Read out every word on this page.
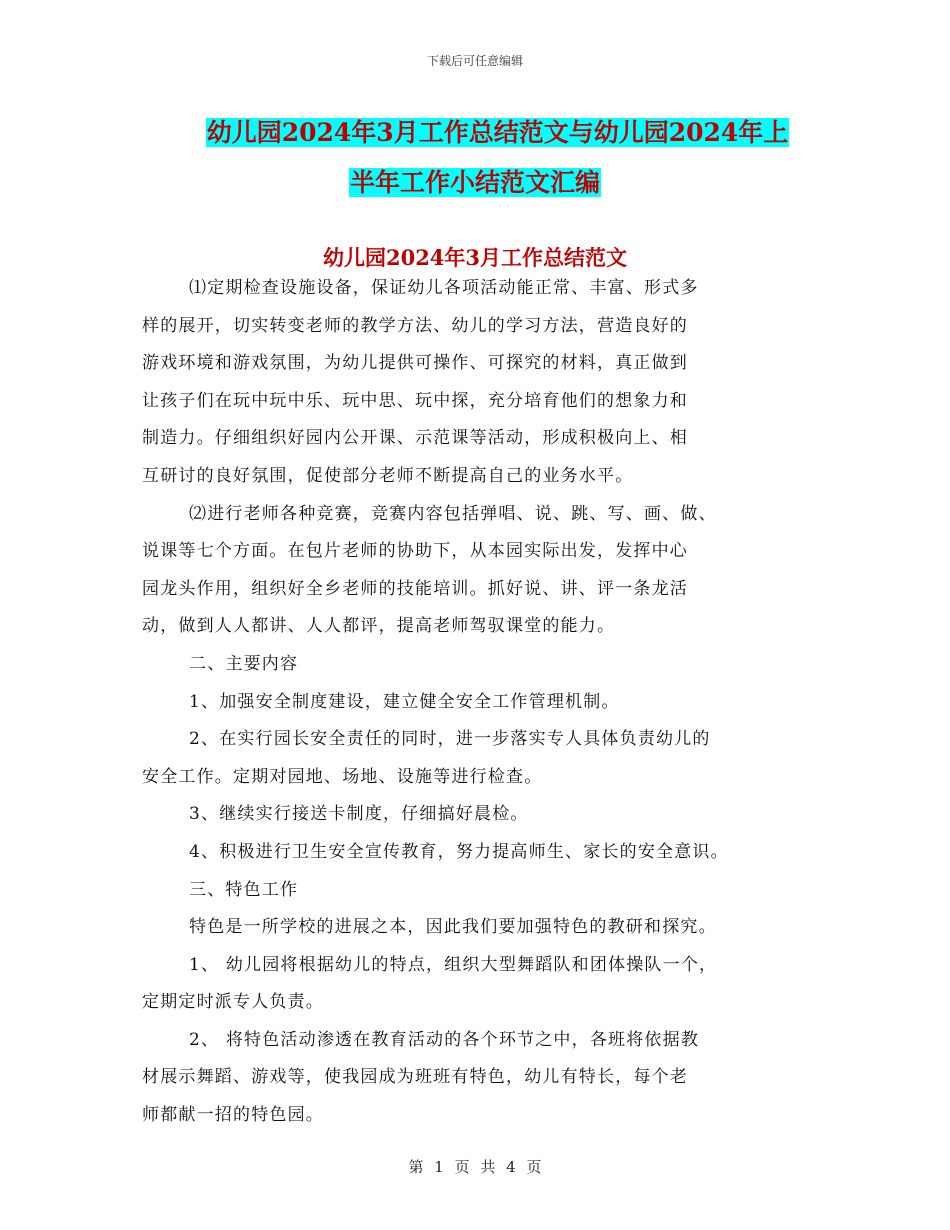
下载后可任意编辑
幼儿园2024年3月工作总结范文与幼儿园2024年上
半年工作小结范文汇编
幼儿园2024年3月工作总结范文

⑴定期检查设施设备，保证幼儿各项活动能正常、丰富、形式多

样的展开，切实转变老师的教学方法、幼儿的学习方法，营造良好的

游戏环境和游戏氛围，为幼儿提供可操作、可探究的材料，真正做到

让孩子们在玩中玩中乐、玩中思、玩中探，充分培育他们的想象力和

制造力。仔细组织好园内公开课、示范课等活动，形成积极向上、相

互研讨的良好氛围，促使部分老师不断提高自己的业务水平。

⑵进行老师各种竞赛，竞赛内容包括弹唱、说、跳、写、画、做、

说课等七个方面。在包片老师的协助下，从本园实际出发，发挥中心

园龙头作用，组织好全乡老师的技能培训。抓好说、讲、评一条龙活

动，做到人人都讲、人人都评，提高老师驾驭课堂的能力。

二、主要内容

1、加强安全制度建设，建立健全安全工作管理机制。

2、在实行园长安全责任的同时，进一步落实专人具体负责幼儿的

安全工作。定期对园地、场地、设施等进行检查。

3、继续实行接送卡制度，仔细搞好晨检。

4、积极进行卫生安全宣传教育，努力提高师生、家长的安全意识。

三、特色工作

特色是一所学校的进展之本，因此我们要加强特色的教研和探究。

1、 幼儿园将根据幼儿的特点，组织大型舞蹈队和团体操队一个，

定期定时派专人负责。

2、 将特色活动渗透在教育活动的各个环节之中，各班将依据教

材展示舞蹈、游戏等，使我园成为班班有特色，幼儿有特长，每个老

师都献一招的特色园。

第 1 页 共 4 页
